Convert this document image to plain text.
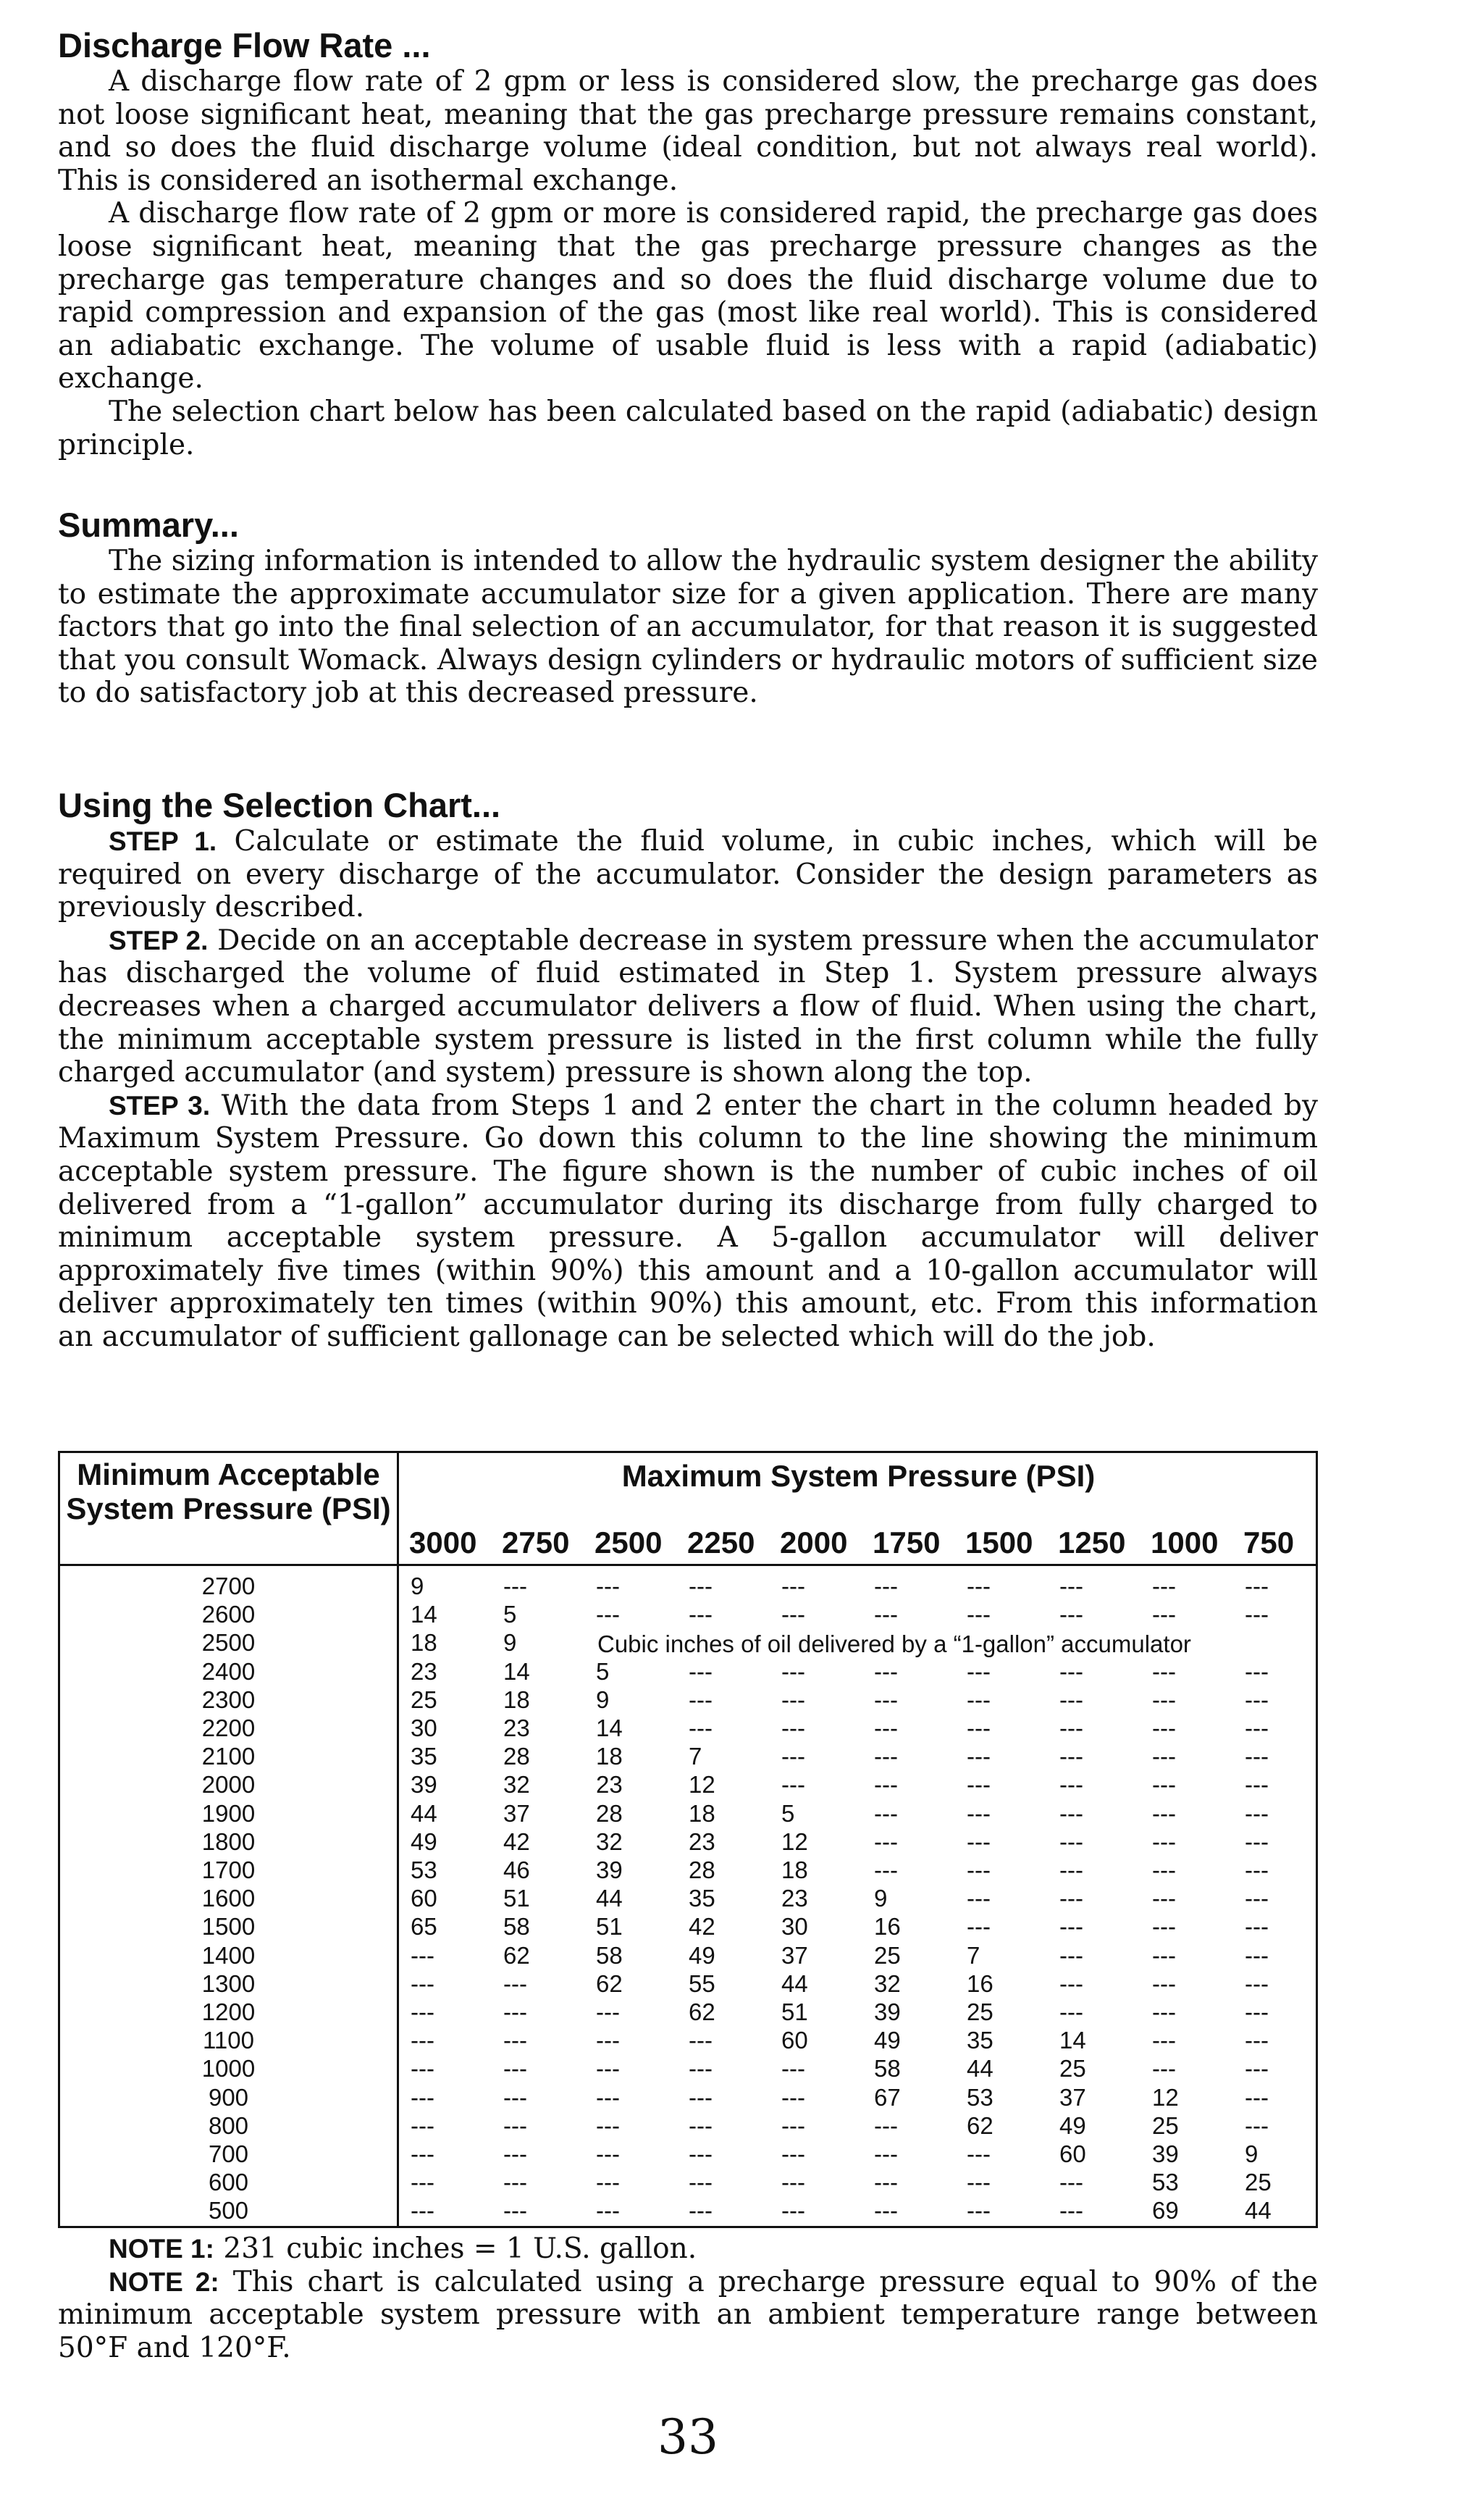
Discharge Flow Rate ...

A discharge flow rate of 2 gpm or less is considered slow, the precharge gas does not loose significant heat, meaning that the gas precharge pressure remains constant, and so does the fluid discharge volume (ideal condition, but not always real world). This is considered an isothermal exchange.

A discharge flow rate of 2 gpm or more is considered rapid, the precharge gas does loose significant heat, meaning that the gas precharge pressure changes as the precharge gas temperature changes and so does the fluid discharge volume due to rapid compression and expansion of the gas (most like real world). This is considered an adiabatic exchange. The volume of usable fluid is less with a rapid (adiabatic) exchange.

The selection chart below has been calculated based on the rapid (adiabatic) design principle.

Summary...

The sizing information is intended to allow the hydraulic system designer the ability to estimate the approximate accumulator size for a given application. There are many factors that go into the final selection of an accumulator, for that reason it is suggested that you consult Womack. Always design cylinders or hydraulic motors of sufficient size to do satisfactory job at this decreased pressure.

Using the Selection Chart...

STEP 1. Calculate or estimate the fluid volume, in cubic inches, which will be required on every discharge of the accumulator. Consider the design parameters as previously described.

STEP 2. Decide on an acceptable decrease in system pressure when the accumulator has discharged the volume of fluid estimated in Step 1. System pressure always decreases when a charged accumulator delivers a flow of fluid. When using the chart, the minimum acceptable system pressure is listed in the first column while the fully charged accumulator (and system) pressure is shown along the top.

STEP 3. With the data from Steps 1 and 2 enter the chart in the column headed by Maximum System Pressure. Go down this column to the line showing the minimum acceptable system pressure. The figure shown is the number of cubic inches of oil delivered from a “1-gallon” accumulator during its discharge from fully charged to minimum acceptable system pressure. A 5-gallon accumulator will deliver approximately five times (within 90%) this amount and a 10-gallon accumulator will deliver approximately ten times (within 90%) this amount, etc. From this information an accumulator of sufficient gallonage can be selected which will do the job.

Minimum Acceptable System Pressure (PSI)
Maximum System Pressure (PSI)
2700	9	---	---	---	---	---	---	---	---	---
2600	14	5	---	---	---	---	---	---	---	---
2500	18	9
2400	23	14	5	---	---	---	---	---	---	---
2300	25	18	9	---	---	---	---	---	---	---
2200	30	23	14	---	---	---	---	---	---	---
2100	35	28	18	7	---	---	---	---	---	---
2000	39	32	23	12	---	---	---	---	---	---
1900	44	37	28	18	5	---	---	---	---	---
1800	49	42	32	23	12	---	---	---	---	---
1700	53	46	39	28	18	---	---	---	---	---
1600	60	51	44	35	23	9	---	---	---	---
1500	65	58	51	42	30	16	---	---	---	---
1400	---	62	58	49	37	25	7	---	---	---
1300	---	---	62	55	44	32	16	---	---	---
1200	---	---	---	62	51	39	25	---	---	---
1100	---	---	---	---	60	49	35	14	---	---
1000	---	---	---	---	---	58	44	25	---	---
900	---	---	---	---	---	67	53	37	12	---
800	---	---	---	---	---	---	62	49	25	---
700	---	---	---	---	---	---	---	60	39	9
600	---	---	---	---	---	---	---	---	53	25
500	---	---	---	---	---	---	---	---	69	44
Cubic inches of oil delivered by a “1-gallon” accumulator
3000 2750 2500 2250 2000 1750 1500 1250 1000 750

NOTE 1: 231 cubic inches = 1 U.S. gallon.

NOTE 2: This chart is calculated using a precharge pressure equal to 90% of the minimum acceptable system pressure with an ambient temperature range between 50°F and 120°F.

33
